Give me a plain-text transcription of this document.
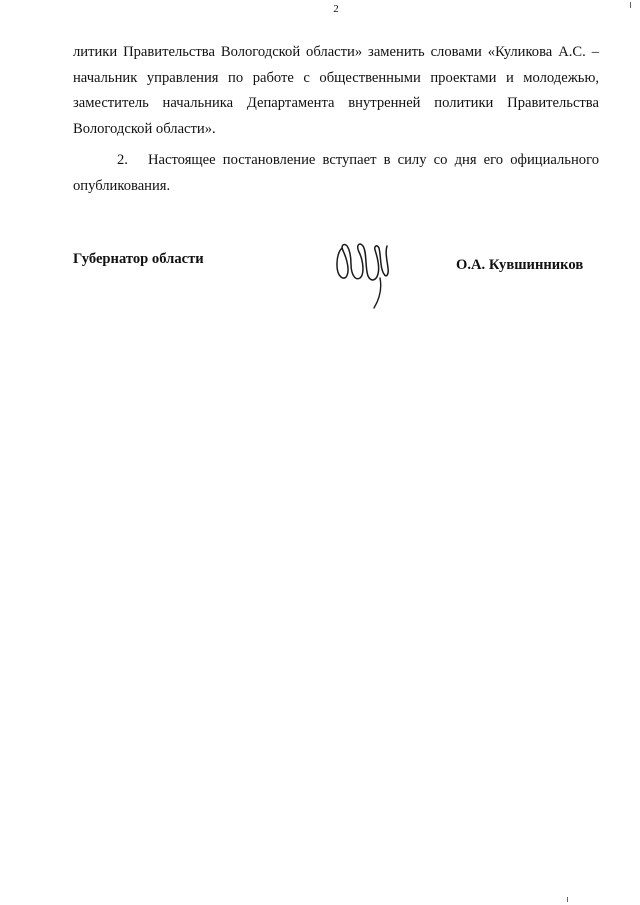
2

литики Правительства Вологодской области» заменить словами «Куликова А.С. – начальник управления по работе с общественными проектами и молодежью, заместитель начальника Департамента внутренней политики Правительства Вологодской области».

2. Настоящее постановление вступает в силу со дня его официального опубликования.

Губернатор области	О.А. Кувшинников
